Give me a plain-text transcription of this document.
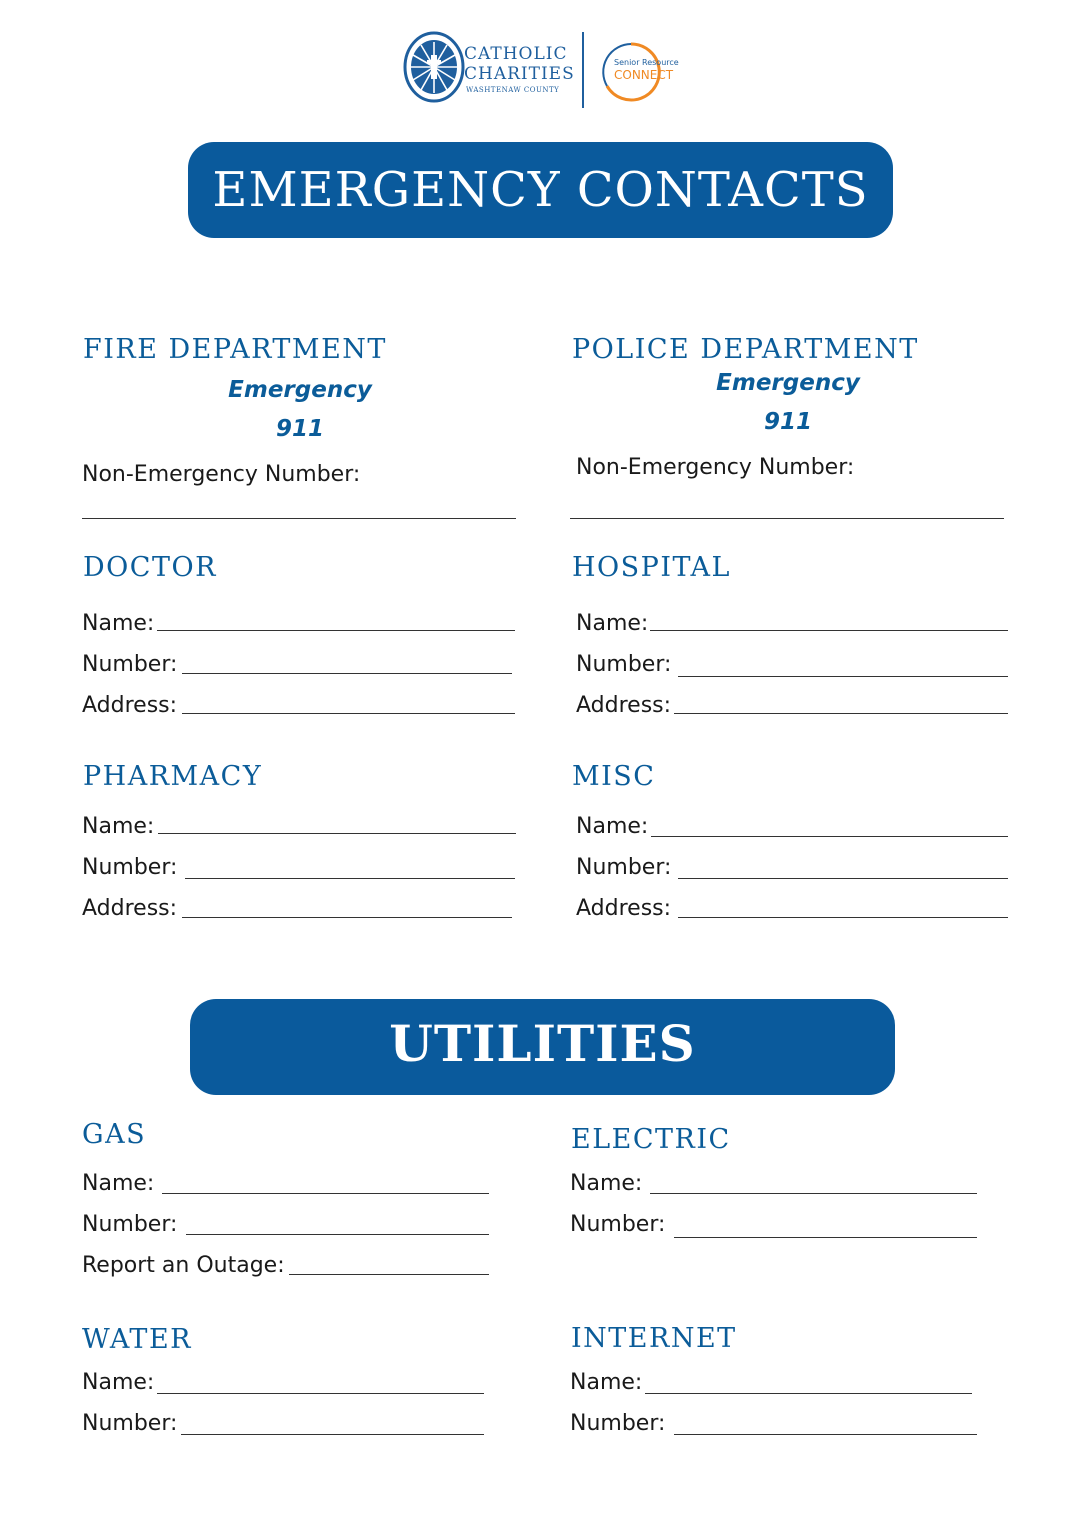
CATHOLIC
CHARITIES
WASHTENAW COUNTY
Senior Resource
CONNECT
EMERGENCY CONTACTS
FIRE DEPARTMENT
Emergency
911
Non-Emergency Number:
POLICE DEPARTMENT
Emergency
911
Non-Emergency Number:
DOCTOR
Name:
Number:
Address:
HOSPITAL
Name:
Number:
Address:
PHARMACY
Name:
Number:
Address:
MISC
Name:
Number:
Address:
UTILITIES
GAS
Name:
Number:
Report an Outage:
ELECTRIC
Name:
Number:
WATER
Name:
Number:
INTERNET
Name:
Number:
